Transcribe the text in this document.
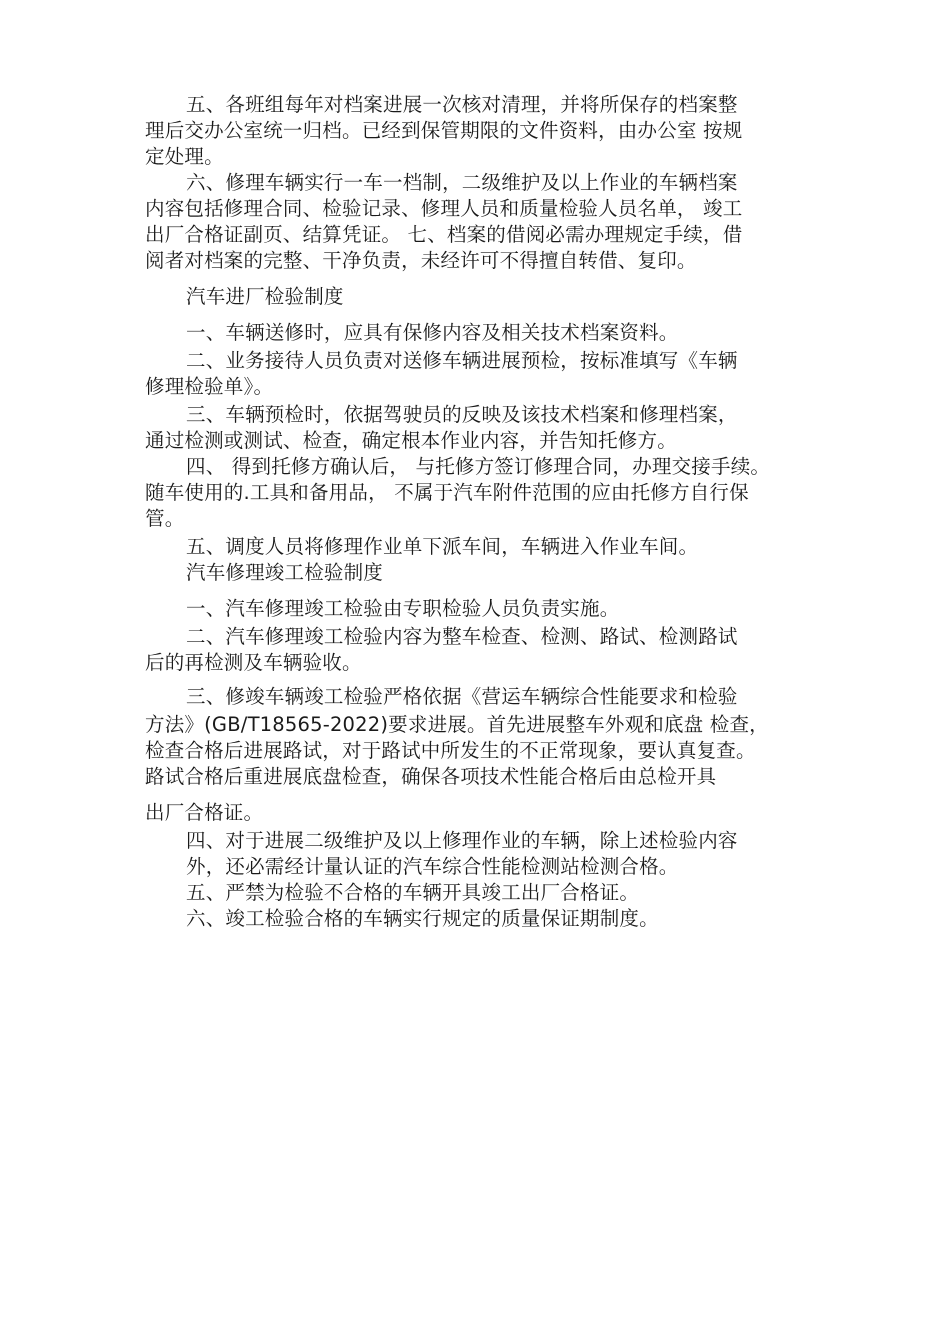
五、各班组每年对档案进展一次核对清理，并将所保存的档案整
理后交办公室统一归档。已经到保管期限的文件资料，由办公室 按规
定处理。
六、修理车辆实行一车一档制，二级维护及以上作业的车辆档案
内容包括修理合同、检验记录、修理人员和质量检验人员名单， 竣工
出厂合格证副页、结算凭证。 七、档案的借阅必需办理规定手续，借
阅者对档案的完整、干净负责，未经许可不得擅自转借、复印。
汽车进厂检验制度
一、车辆送修时，应具有保修内容及相关技术档案资料。
二、业务接待人员负责对送修车辆进展预检，按标准填写《车辆
修理检验单》。
三、车辆预检时，依据驾驶员的反映及该技术档案和修理档案，
通过检测或测试、检查，确定根本作业内容，并告知托修方。
四、 得到托修方确认后， 与托修方签订修理合同，办理交接手续。
随车使用的.工具和备用品， 不属于汽车附件范围的应由托修方自行保
管。
五、调度人员将修理作业单下派车间，车辆进入作业车间。
汽车修理竣工检验制度
一、汽车修理竣工检验由专职检验人员负责实施。
二、汽车修理竣工检验内容为整车检查、检测、路试、检测路试
后的再检测及车辆验收。
三、修竣车辆竣工检验严格依据《营运车辆综合性能要求和检验
方法》(GB/T18565-2022)要求进展。首先进展整车外观和底盘 检查，
检查合格后进展路试，对于路试中所发生的不正常现象，要认真复查。
路试合格后重进展底盘检查，确保各项技术性能合格后由总检开具
出厂合格证。
四、对于进展二级维护及以上修理作业的车辆，除上述检验内容
外，还必需经计量认证的汽车综合性能检测站检测合格。
五、严禁为检验不合格的车辆开具竣工出厂合格证。
六、竣工检验合格的车辆实行规定的质量保证期制度。
